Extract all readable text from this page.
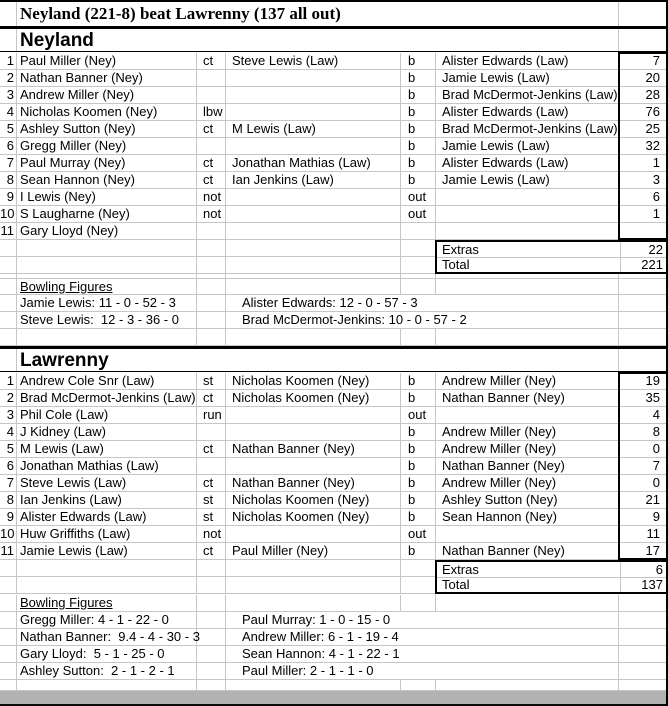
Neyland (221-8) beat Lawrenny (137 all out)
Neyland
1 Paul Miller (Ney)	ct Steve Lewis (Law)	b Alister Edwards (Law)	7
2 Nathan Banner (Ney)	b Jamie Lewis (Law)	20
3 Andrew Miller (Ney)	b Brad McDermot-Jenkins (Law)	28
4 Nicholas Koomen (Ney)	lbw	b Alister Edwards (Law)	76
5 Ashley Sutton (Ney)	ct M Lewis (Law)	b Brad McDermot-Jenkins (Law)	25
6 Gregg Miller (Ney)	b Jamie Lewis (Law)	32
7 Paul Murray (Ney)	ct Jonathan Mathias (Law)	b Alister Edwards (Law)	1
8 Sean Hannon (Ney)	ct Ian Jenkins (Law)	b Jamie Lewis (Law)	3
9 I Lewis (Ney)	not	out	6
10 S Laugharne (Ney)	not	out	1
11 Gary Lloyd (Ney)
Extras	22
Total	221
Bowling Figures
Jamie Lewis: 11 - 0 - 52 - 3	Alister Edwards: 12 - 0 - 57 - 3
Steve Lewis:  12 - 3 - 36 - 0	Brad McDermot-Jenkins: 10 - 0 - 57 - 2
Lawrenny
1 Andrew Cole Snr (Law)	st Nicholas Koomen (Ney)	b Andrew Miller (Ney)	19
2 Brad McDermot-Jenkins (Law) ct Nicholas Koomen (Ney)	b Nathan Banner (Ney)	35
3 Phil Cole (Law)	run	out	4
4 J Kidney (Law)	b Andrew Miller (Ney)	8
5 M Lewis (Law)	ct Nathan Banner (Ney)	b Andrew Miller (Ney)	0
6 Jonathan Mathias (Law)	b Nathan Banner (Ney)	7
7 Steve Lewis (Law)	ct Nathan Banner (Ney)	b Andrew Miller (Ney)	0
8 Ian Jenkins (Law)	st Nicholas Koomen (Ney)	b Ashley Sutton (Ney)	21
9 Alister Edwards (Law)	st Nicholas Koomen (Ney)	b Sean Hannon (Ney)	9
10 Huw Griffiths (Law)	not	out	11
11 Jamie Lewis (Law)	ct Paul Miller (Ney)	b Nathan Banner (Ney)	17
Extras	6
Total	137
Bowling Figures
Gregg Miller: 4 - 1 - 22 - 0	Paul Murray: 1 - 0 - 15 - 0
Nathan Banner:  9.4 - 4 - 30 - 3	Andrew Miller: 6 - 1 - 19 - 4
Gary Lloyd:  5 - 1 - 25 - 0	Sean Hannon: 4 - 1 - 22 - 1
Ashley Sutton:  2 - 1 - 2 - 1	Paul Miller: 2 - 1 - 1 - 0
